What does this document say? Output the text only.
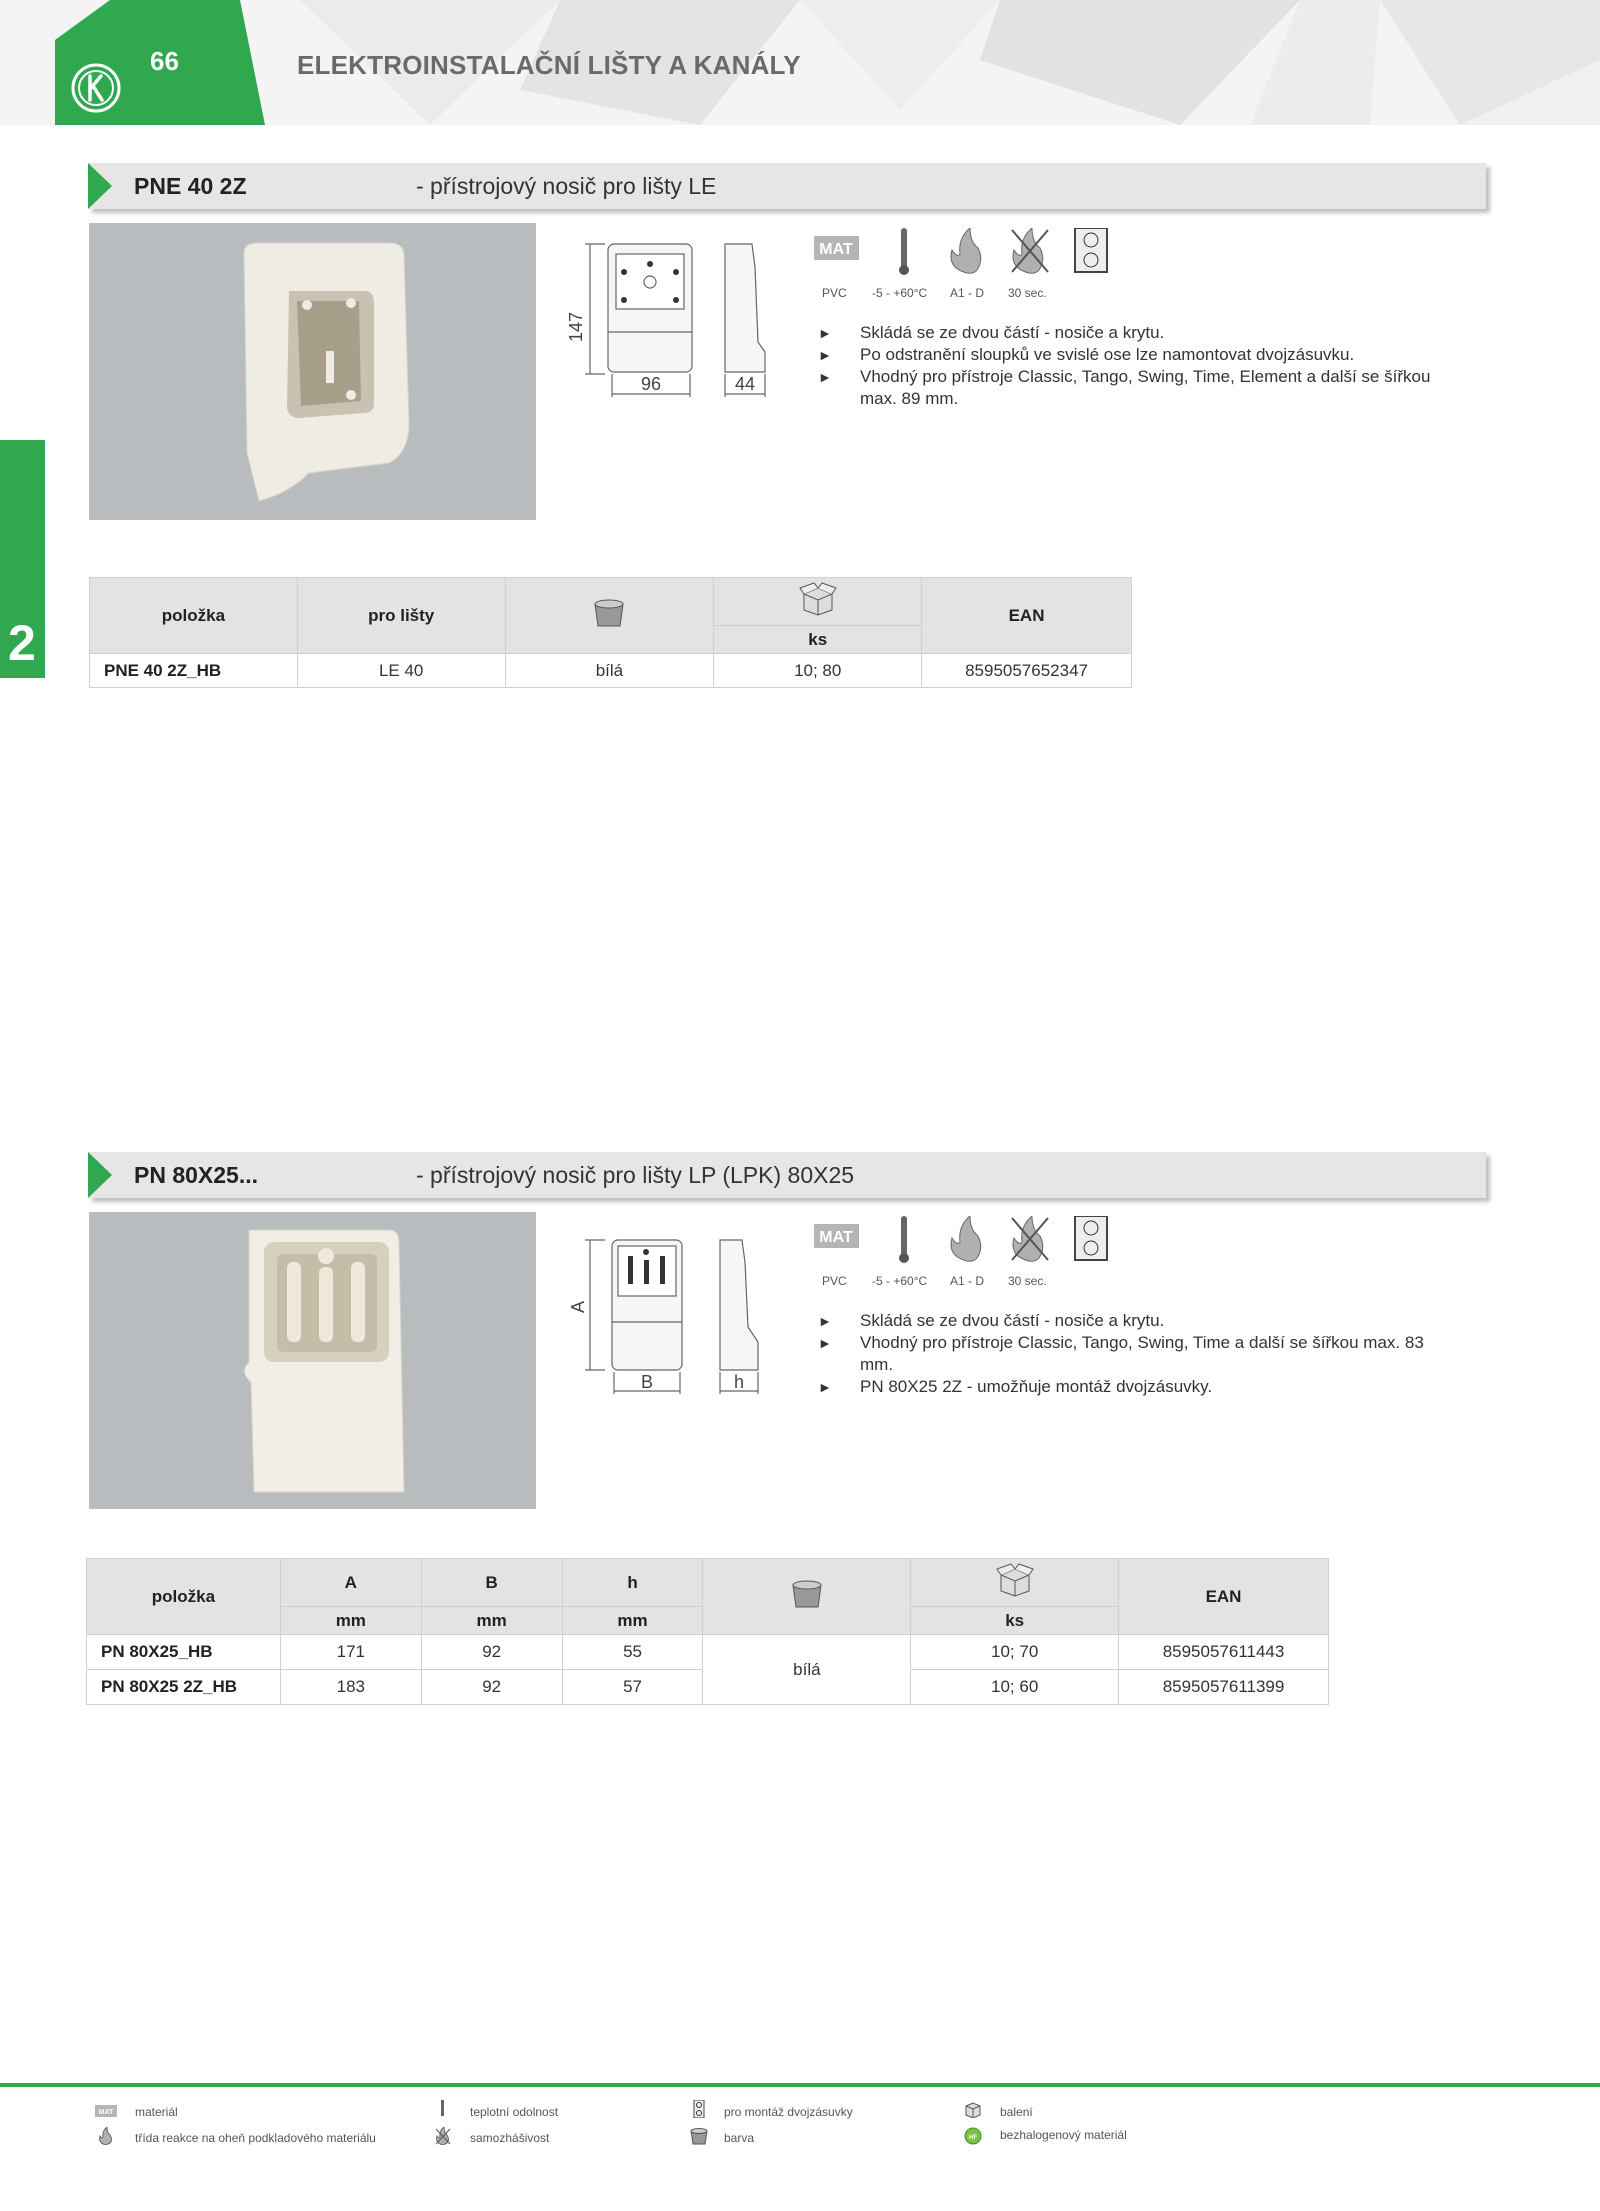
66	ELEKTROINSTALAČNÍ LIŠTY A KANÁLY
2
PNE 40 2Z	- přístrojový nosič pro lišty LE
147
96	44
MAT
PVC -5 - +60°C A1 - D 30 sec.
► Skládá se ze dvou částí - nosiče a krytu.
► Po odstranění sloupků ve svislé ose lze namontovat dvojzásuvku.
► Vhodný pro přístroje Classic, Tango, Swing, Time, Element a další se šířkou max. 89 mm.
položka	pro lišty			EAN
			ks	
PNE 40 2Z_HB	LE 40	bílá	10; 80	8595057652347
PN 80X25...	- přístrojový nosič pro lišty LP (LPK) 80X25
A
B	h
MAT
PVC -5 - +60°C A1 - D 30 sec.
► Skládá se ze dvou částí - nosiče a krytu.
► Vhodný pro přístroje Classic, Tango, Swing, Time a další se šířkou max. 83 mm.
► PN 80X25 2Z - umožňuje montáž dvojzásuvky.
položka	A	B	h			EAN
	mm	mm	mm		ks	
PN 80X25_HB	171	92	55	bílá	10; 70	8595057611443
PN 80X25 2Z_HB	183	92	57		10; 60	8595057611399
MAT materiál
třída reakce na oheň podkladového materiálu
teplotní odolnost
samozhášivost
pro montáž dvojzásuvky
barva
balení
HF bezhalogenový materiál
